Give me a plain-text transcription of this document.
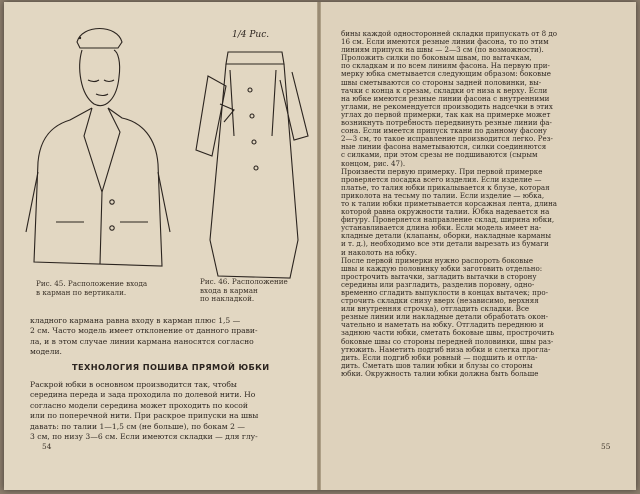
1/4 Рис.
Рис. 45. Расположение входа
в карман по вертикали.
Рис. 46. Расположение
входа в карман
по накладкой.

кладного кармана равна входу в карман плюс 1,5 —
2 см. Часто модель имеет отклонение от данного прави-
ла, и в этом случае линии кармана наносятся согласно
модели.

ТЕХНОЛОГИЯ ПОШИВА ПРЯМОЙ ЮБКИ

Раскрой юбки в основном производится так, чтобы
середина переда и зада проходила по долевой нити. Но
согласно модели середина может проходить по косой
или по поперечной нити. При раскрое припуски на швы
давать: по талии 1—1,5 см (не больше), по бокам 2 —
3 см, по низу 3—6 см. Если имеются складки — для глу-

54

бины каждой односторонней складки припускать от 8 до
16 см. Если имеются резные линии фасона, то по этим
линиям припуск на швы — 2—3 см (по возможности).
Проложить силки по боковым швам, по вытачкам,
по складкам и по всем линиям фасона. На первую при-
мерку юбка сметывается следующим образом: боковые
швы сметываются со стороны задней половинки, вы-
тачки с конца к срезам, складки от низа к верху. Если
на юбке имеются резные линии фасона с внутренними
углами, не рекомендуется производить надсечки в этих
углах до первой примерки, так как на примерке может
возникнуть потребность передвинуть резные линии фа-
сона. Если имеется припуск ткани по данному фасону
2—3 см, то такое исправление производится легко. Рез-
ные линии фасона наметываются, силки соединяются
с силками, при этом срезы не подшиваются (сырым
концом, рис. 47).
Произвести первую примерку. При первой примерке
проверяется посадка всего изделия. Если изделие —
платье, то талия юбки прикалывается к блузе, которая
приколота на тесьму по талии. Если изделие — юбка,
то к талии юбки приметывается корсажная лента, длина
которой равна окружности талии. Юбка надевается на
фигуру. Проверяется направление склад, ширина юбки,
устанавливается длина юбки. Если модель имеет на-
кладные детали (клапаны, оборки, накладные карманы
и т. д.), необходимо все эти детали вырезать из бумаги
и наколоть на юбку.
После первой примерки нужно распороть боковые
швы и каждую половинку юбки заготовить отдельно:
прострочить вытачки, загладить вытачки в сторону
середины или разгладить, разделив поровну, одно-
временно сгладить выпуклости в концах вытачек; про-
строчить складки снизу вверх (независимо, верхняя
или внутренняя строчка), отгладить складки. Все
резные линии или накладные детали обработать окон-
чательно и наметать на юбку. Отгладить переднюю и
заднюю части юбки, сметать боковые швы, прострочить
боковые швы со стороны передней половинки, швы раз-
утюжить. Наметить подгиб низа юбки и слегка прогла-
дить. Если подгиб юбки ровный — подшить и отгла-
дить. Сметать шов талии юбки и блузы со стороны
юбки. Окружность талии юбки должна быть больше

55
